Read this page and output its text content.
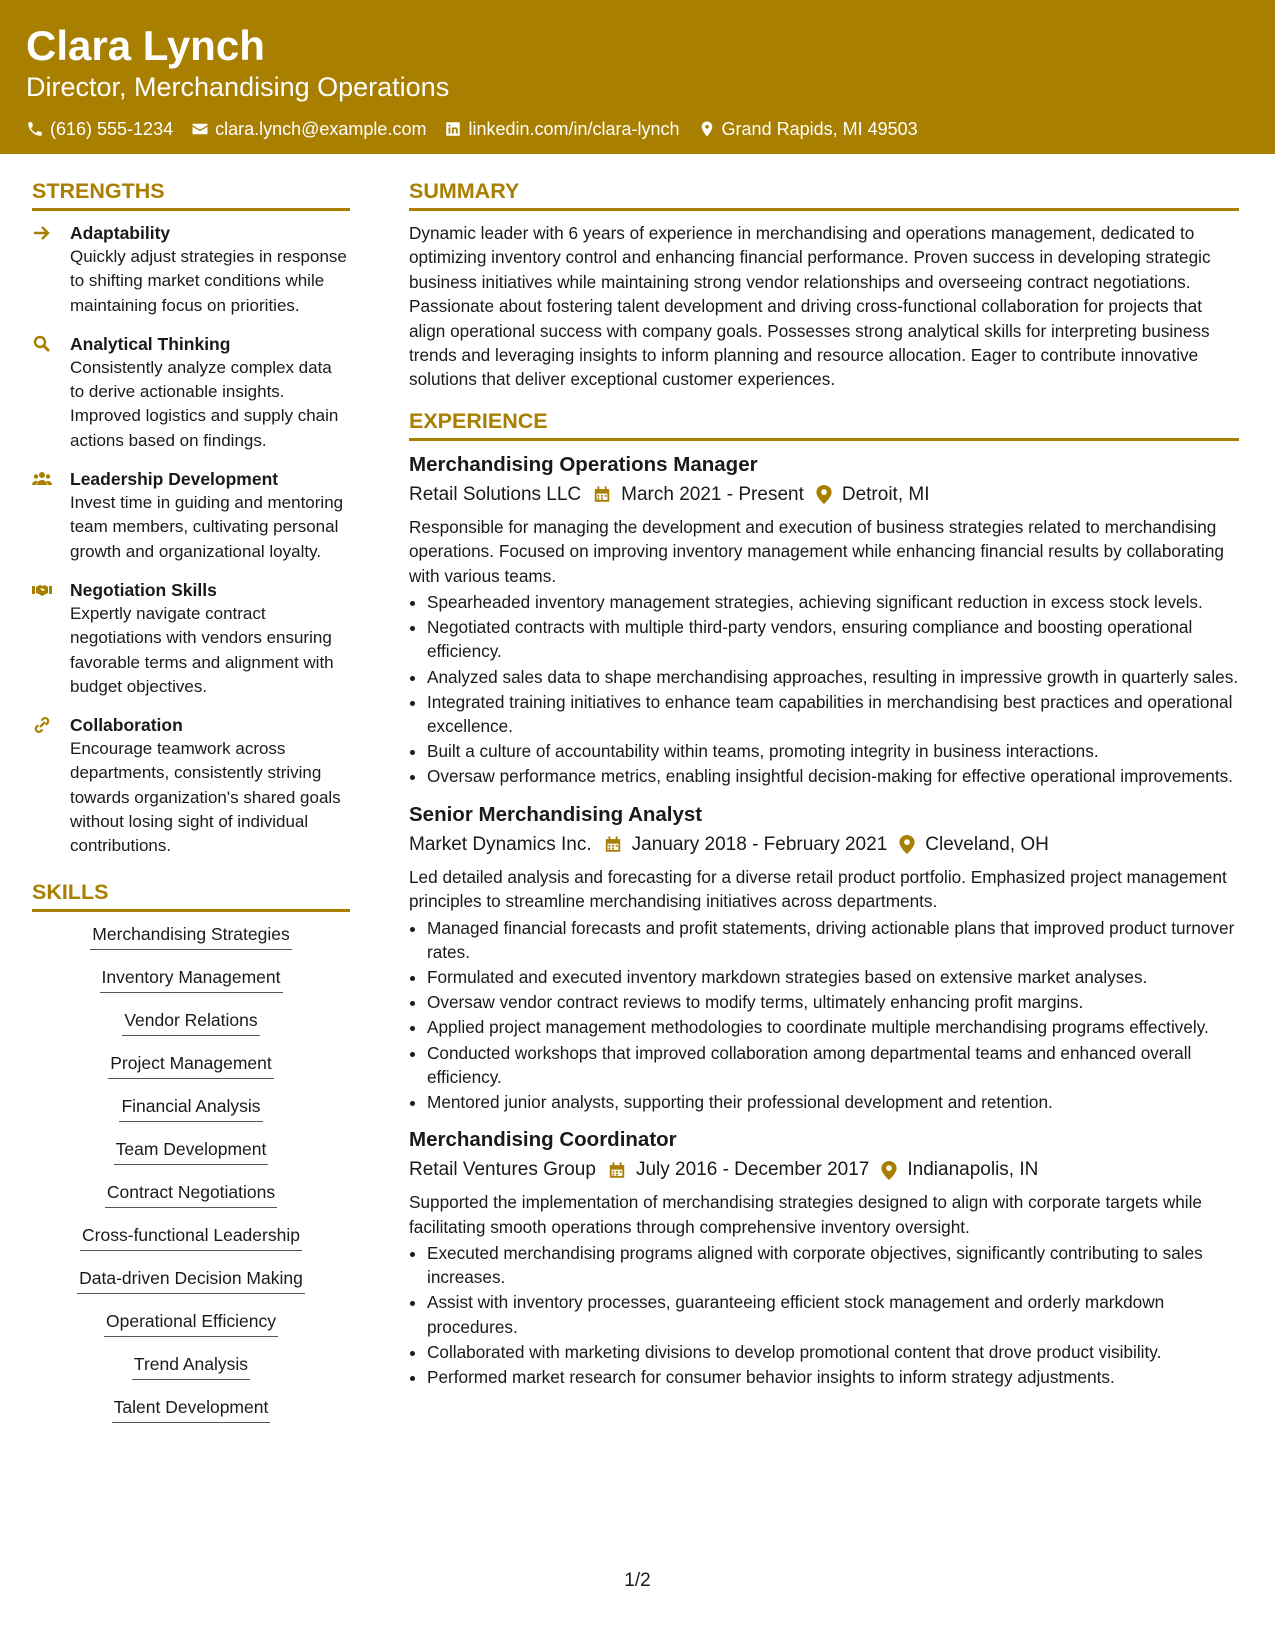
Clara Lynch
Director, Merchandising Operations
(616) 555-1234 clara.lynch@example.com linkedin.com/in/clara-lynch Grand Rapids, MI 49503
STRENGTHS
Adaptability
Quickly adjust strategies in response to shifting market conditions while maintaining focus on priorities.
Analytical Thinking
Consistently analyze complex data to derive actionable insights. Improved logistics and supply chain actions based on findings.
Leadership Development
Invest time in guiding and mentoring team members, cultivating personal growth and organizational loyalty.
Negotiation Skills
Expertly navigate contract negotiations with vendors ensuring favorable terms and alignment with budget objectives.
Collaboration
Encourage teamwork across departments, consistently striving towards organization's shared goals without losing sight of individual contributions.
SKILLS
Merchandising Strategies
Inventory Management
Vendor Relations
Project Management
Financial Analysis
Team Development
Contract Negotiations
Cross-functional Leadership
Data-driven Decision Making
Operational Efficiency
Trend Analysis
Talent Development
SUMMARY
Dynamic leader with 6 years of experience in merchandising and operations management, dedicated to optimizing inventory control and enhancing financial performance. Proven success in developing strategic business initiatives while maintaining strong vendor relationships and overseeing contract negotiations. Passionate about fostering talent development and driving cross-functional collaboration for projects that align operational success with company goals. Possesses strong analytical skills for interpreting business trends and leveraging insights to inform planning and resource allocation. Eager to contribute innovative solutions that deliver exceptional customer experiences.
EXPERIENCE
Merchandising Operations Manager
Retail Solutions LLC March 2021 - Present Detroit, MI
Responsible for managing the development and execution of business strategies related to merchandising operations. Focused on improving inventory management while enhancing financial results by collaborating with various teams.
• Spearheaded inventory management strategies, achieving significant reduction in excess stock levels.
• Negotiated contracts with multiple third-party vendors, ensuring compliance and boosting operational efficiency.
• Analyzed sales data to shape merchandising approaches, resulting in impressive growth in quarterly sales.
• Integrated training initiatives to enhance team capabilities in merchandising best practices and operational excellence.
• Built a culture of accountability within teams, promoting integrity in business interactions.
• Oversaw performance metrics, enabling insightful decision-making for effective operational improvements.
Senior Merchandising Analyst
Market Dynamics Inc. January 2018 - February 2021 Cleveland, OH
Led detailed analysis and forecasting for a diverse retail product portfolio. Emphasized project management principles to streamline merchandising initiatives across departments.
• Managed financial forecasts and profit statements, driving actionable plans that improved product turnover rates.
• Formulated and executed inventory markdown strategies based on extensive market analyses.
• Oversaw vendor contract reviews to modify terms, ultimately enhancing profit margins.
• Applied project management methodologies to coordinate multiple merchandising programs effectively.
• Conducted workshops that improved collaboration among departmental teams and enhanced overall efficiency.
• Mentored junior analysts, supporting their professional development and retention.
Merchandising Coordinator
Retail Ventures Group July 2016 - December 2017 Indianapolis, IN
Supported the implementation of merchandising strategies designed to align with corporate targets while facilitating smooth operations through comprehensive inventory oversight.
• Executed merchandising programs aligned with corporate objectives, significantly contributing to sales increases.
• Assist with inventory processes, guaranteeing efficient stock management and orderly markdown procedures.
• Collaborated with marketing divisions to develop promotional content that drove product visibility.
• Performed market research for consumer behavior insights to inform strategy adjustments.
1/2
